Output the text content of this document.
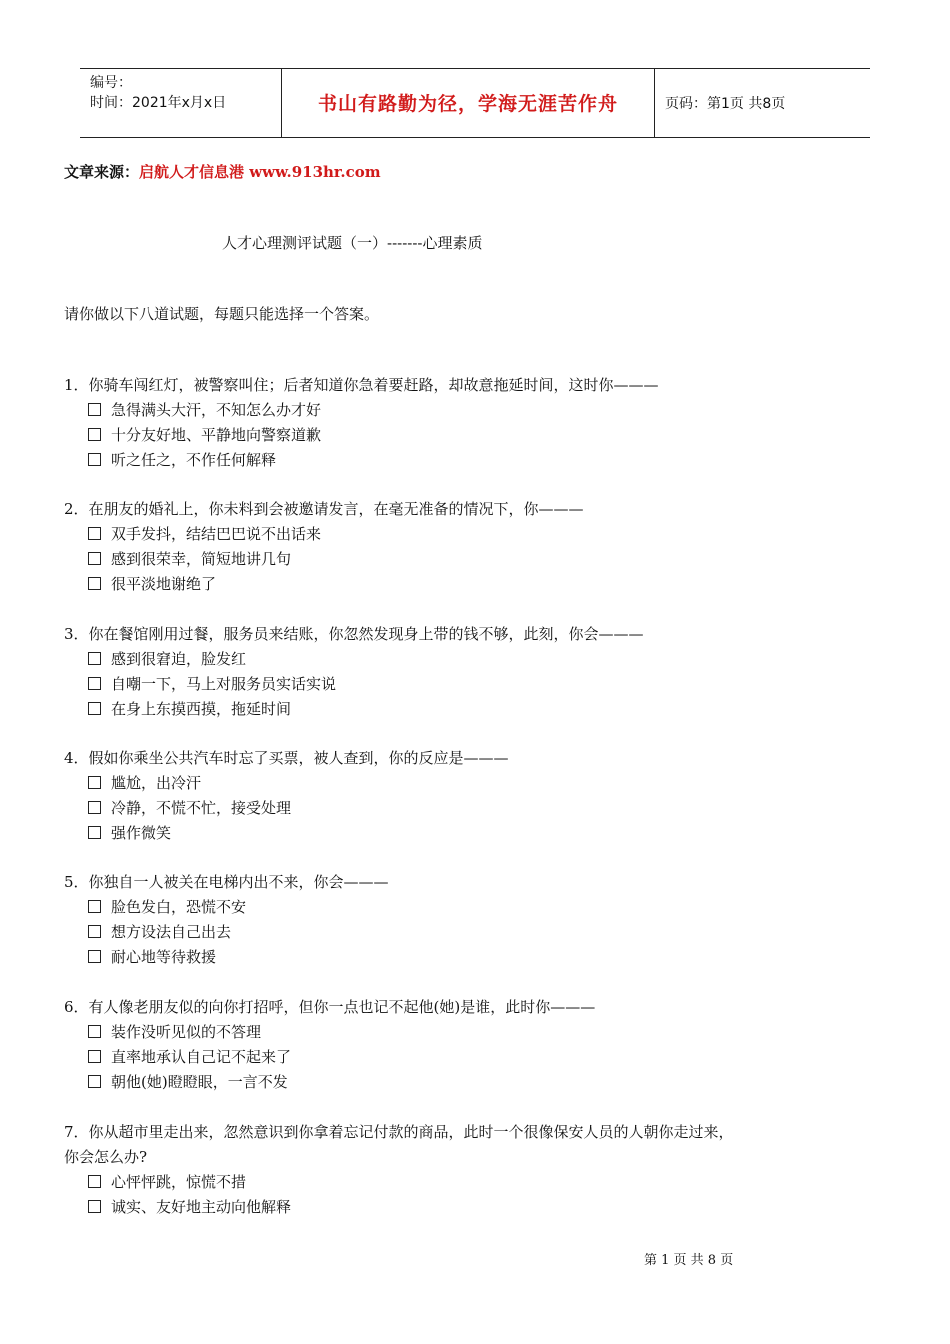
编号：
时间：2021年x月x日	书山有路勤为径，学海无涯苦作舟	页码：第1页 共8页
文章来源：启航人才信息港 www.913hr.com
人才心理测评试题（一）-------心理素质
请你做以下八道试题，每题只能选择一个答案。
1．你骑车闯红灯，被警察叫住；后者知道你急着要赶路，却故意拖延时间，这时你———
急得满头大汗，不知怎么办才好
十分友好地、平静地向警察道歉
听之任之，不作任何解释
2．在朋友的婚礼上，你未料到会被邀请发言，在毫无准备的情况下，你———
双手发抖，结结巴巴说不出话来
感到很荣幸，简短地讲几句
很平淡地谢绝了
3．你在餐馆刚用过餐，服务员来结账，你忽然发现身上带的钱不够，此刻，你会———
感到很窘迫，脸发红
自嘲一下，马上对服务员实话实说
在身上东摸西摸，拖延时间
4．假如你乘坐公共汽车时忘了买票，被人查到，你的反应是———
尴尬，出冷汗
冷静，不慌不忙，接受处理
强作微笑
5．你独自一人被关在电梯内出不来，你会———
脸色发白，恐慌不安
想方设法自己出去
耐心地等待救援
6．有人像老朋友似的向你打招呼，但你一点也记不起他(她)是谁，此时你———
装作没听见似的不答理
直率地承认自己记不起来了
朝他(她)瞪瞪眼，一言不发
7．你从超市里走出来，忽然意识到你拿着忘记付款的商品，此时一个很像保安人员的人朝你走过来，你会怎么办?
心怦怦跳，惊慌不措
诚实、友好地主动向他解释
第 1 页 共 8 页
